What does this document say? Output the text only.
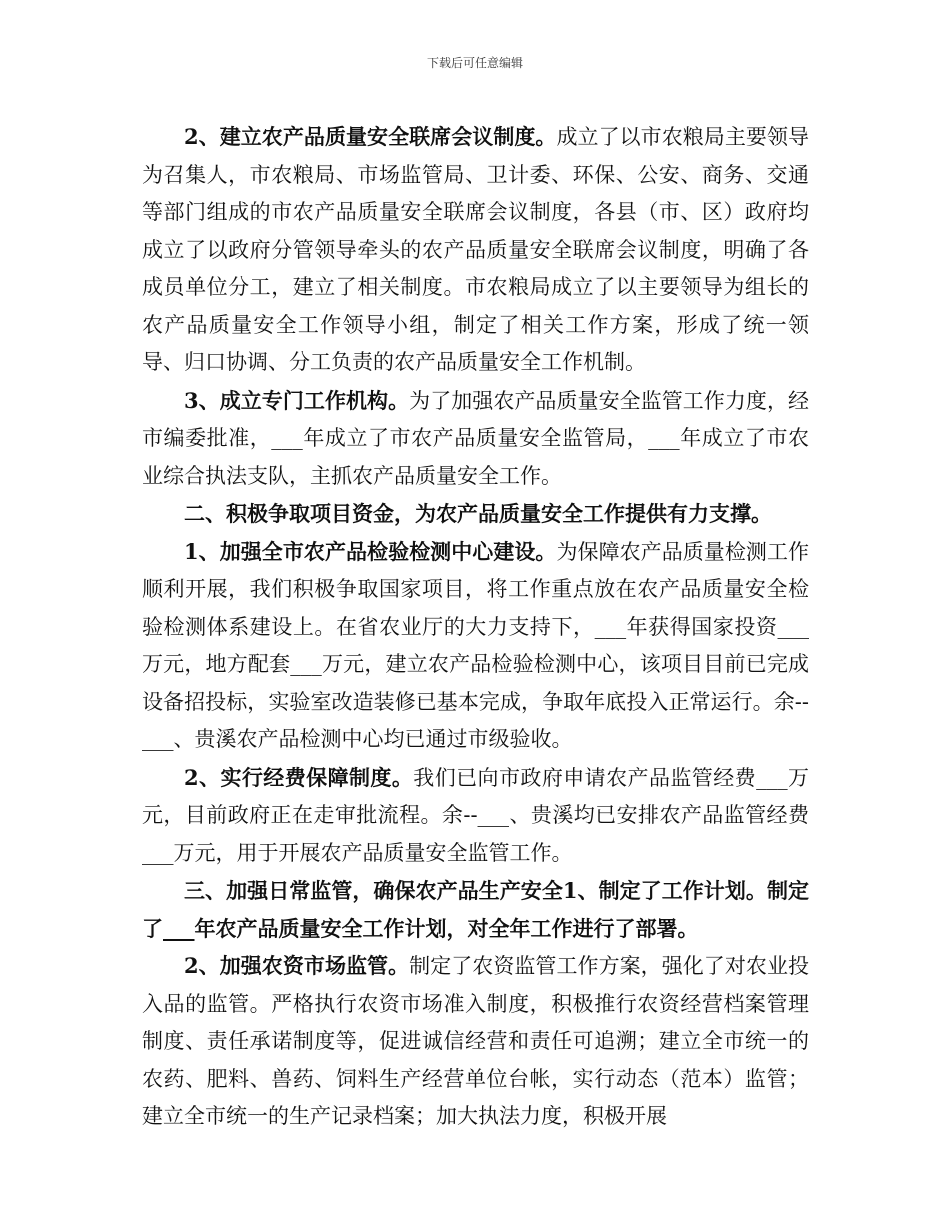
下载后可任意编辑

2、建立农产品质量安全联席会议制度。成立了以市农粮局主要领导为召集人，市农粮局、市场监管局、卫计委、环保、公安、商务、交通等部门组成的市农产品质量安全联席会议制度，各县（市、区）政府均成立了以政府分管领导牵头的农产品质量安全联席会议制度，明确了各成员单位分工，建立了相关制度。市农粮局成立了以主要领导为组长的农产品质量安全工作领导小组，制定了相关工作方案，形成了统一领导、归口协调、分工负责的农产品质量安全工作机制。

3、成立专门工作机构。为了加强农产品质量安全监管工作力度，经市编委批准，___年成立了市农产品质量安全监管局，___年成立了市农业综合执法支队，主抓农产品质量安全工作。

二、积极争取项目资金，为农产品质量安全工作提供有力支撑。

1、加强全市农产品检验检测中心建设。为保障农产品质量检测工作顺利开展，我们积极争取国家项目，将工作重点放在农产品质量安全检验检测体系建设上。在省农业厅的大力支持下，___年获得国家投资___万元，地方配套___万元，建立农产品检验检测中心，该项目目前已完成设备招投标，实验室改造装修已基本完成，争取年底投入正常运行。余--___、贵溪农产品检测中心均已通过市级验收。

2、实行经费保障制度。我们已向市政府申请农产品监管经费___万元，目前政府正在走审批流程。余--___、贵溪均已安排农产品监管经费___万元，用于开展农产品质量安全监管工作。

三、加强日常监管，确保农产品生产安全1、制定了工作计划。制定了___年农产品质量安全工作计划，对全年工作进行了部署。

2、加强农资市场监管。制定了农资监管工作方案，强化了对农业投入品的监管。严格执行农资市场准入制度，积极推行农资经营档案管理制度、责任承诺制度等，促进诚信经营和责任可追溯；建立全市统一的农药、肥料、兽药、饲料生产经营单位台帐，实行动态（范本）监管；建立全市统一的生产记录档案；加大执法力度，积极开展
